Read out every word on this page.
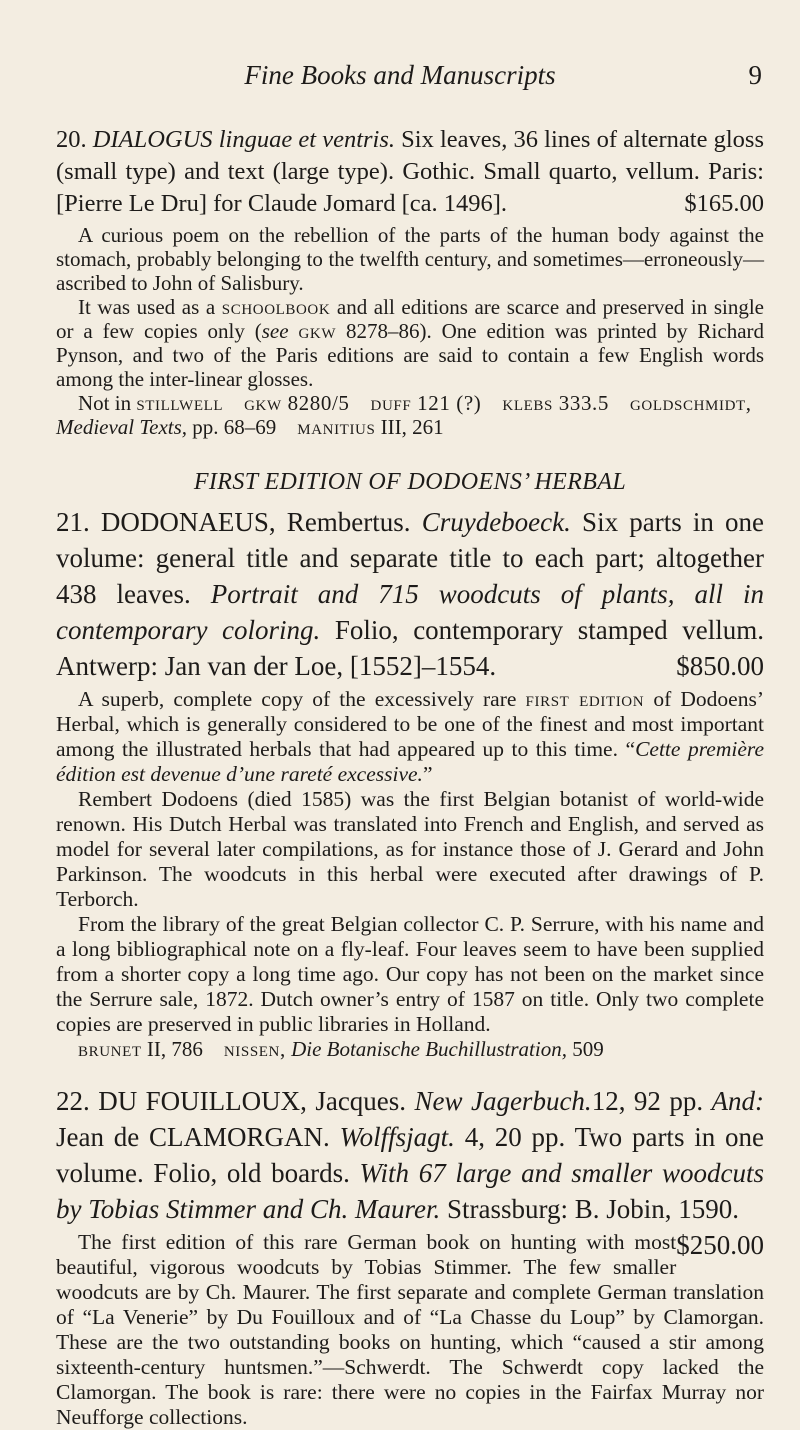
Fine Books and Manuscripts	9

20. DIALOGUS linguae et ventris. Six leaves, 36 lines of alternate gloss (small type) and text (large type). Gothic. Small quarto, vellum. Paris: [Pierre Le Dru] for Claude Jomard [ca. 1496].	$165.00

A curious poem on the rebellion of the parts of the human body against the stomach, probably belonging to the twelfth century, and sometimes—erroneously—ascribed to John of Salisbury.

It was used as a schoolbook and all editions are scarce and preserved in single or a few copies only (see gkw 8278–86). One edition was printed by Richard Pynson, and two of the Paris editions are said to contain a few English words among the inter-linear glosses.

Not in stillwell gkw 8280/5 duff 121 (?) klebs 333.5 goldschmidt, Medieval Texts, pp. 68–69 manitius III, 261

FIRST EDITION OF DODOENS’ HERBAL

21. DODONAEUS, Rembertus. Cruydeboeck. Six parts in one volume: general title and separate title to each part; altogether 438 leaves. Portrait and 715 woodcuts of plants, all in contemporary coloring. Folio, contemporary stamped vellum. Antwerp: Jan van der Loe, [1552]–1554.	$850.00

A superb, complete copy of the excessively rare first edition of Dodoens’ Herbal, which is generally considered to be one of the finest and most important among the illustrated herbals that had appeared up to this time. “Cette première édition est devenue d’une rareté excessive.”

Rembert Dodoens (died 1585) was the first Belgian botanist of world-wide renown. His Dutch Herbal was translated into French and English, and served as model for several later compilations, as for instance those of J. Gerard and John Parkinson. The woodcuts in this herbal were executed after drawings of P. Terborch.

From the library of the great Belgian collector C. P. Serrure, with his name and a long bibliographical note on a fly-leaf. Four leaves seem to have been supplied from a shorter copy a long time ago. Our copy has not been on the market since the Serrure sale, 1872. Dutch owner’s entry of 1587 on title. Only two complete copies are preserved in public libraries in Holland.

brunet II, 786 nissen, Die Botanische Buchillustration, 509

22. DU FOUILLOUX, Jacques. New Jagerbuch.12, 92 pp. And: Jean de CLAMORGAN. Wolffsjagt. 4, 20 pp. Two parts in one volume. Folio, old boards. With 67 large and smaller woodcuts by Tobias Stimmer and Ch. Maurer. Strassburg: B. Jobin, 1590.
$250.00

The first edition of this rare German book on hunting with most beautiful, vigorous woodcuts by Tobias Stimmer. The few smaller woodcuts are by Ch. Maurer. The first separate and complete German translation of “La Venerie” by Du Fouilloux and of “La Chasse du Loup” by Clamorgan. These are the two outstanding books on hunting, which “caused a stir among sixteenth-century huntsmen.”—Schwerdt. The Schwerdt copy lacked the Clamorgan. The book is rare: there were no copies in the Fairfax Murray nor Neufforge collections.
